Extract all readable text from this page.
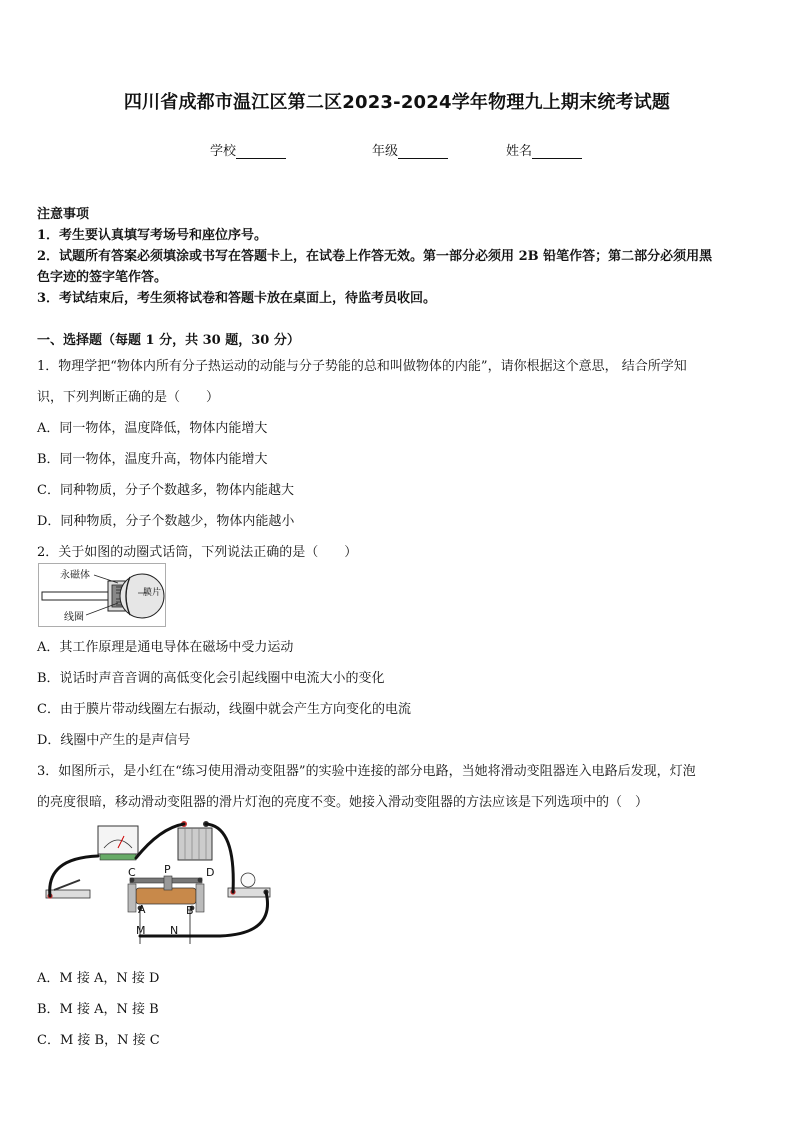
四川省成都市温江区第二区2023-2024学年物理九上期末统考试题
学校	年级	姓名
注意事项
1．考生要认真填写考场号和座位序号。
2．试题所有答案必须填涂或书写在答题卡上，在试卷上作答无效。第一部分必须用 2B 铅笔作答；第二部分必须用黑
色字迹的签字笔作答。
3．考试结束后，考生须将试卷和答题卡放在桌面上，待监考员收回。
一、选择题（每题 1 分，共 30 题，30 分）
1．物理学把“物体内所有分子热运动的动能与分子势能的总和叫做物体的内能”，请你根据这个意思， 结合所学知
识，下列判断正确的是（　　）
A．同一物体，温度降低，物体内能增大
B．同一物体，温度升高，物体内能增大
C．同种物质，分子个数越多，物体内能越大
D．同种物质，分子个数越少，物体内能越小
2．关于如图的动圈式话筒，下列说法正确的是（　　）
永磁体
膜片
线圈
A．其工作原理是通电导体在磁场中受力运动
B．说话时声音音调的高低变化会引起线圈中电流大小的变化
C．由于膜片带动线圈左右振动，线圈中就会产生方向变化的电流
D．线圈中产生的是声信号
3．如图所示，是小红在“练习使用滑动变阻器”的实验中连接的部分电路，当她将滑动变阻器连入电路后发现，灯泡
的亮度很暗，移动滑动变阻器的滑片灯泡的亮度不变。她接入滑动变阻器的方法应该是下列选项中的（　）
C	P	D
A	B
M N
A．M 接 A，N 接 D
B．M 接 A，N 接 B
C．M 接 B，N 接 C
